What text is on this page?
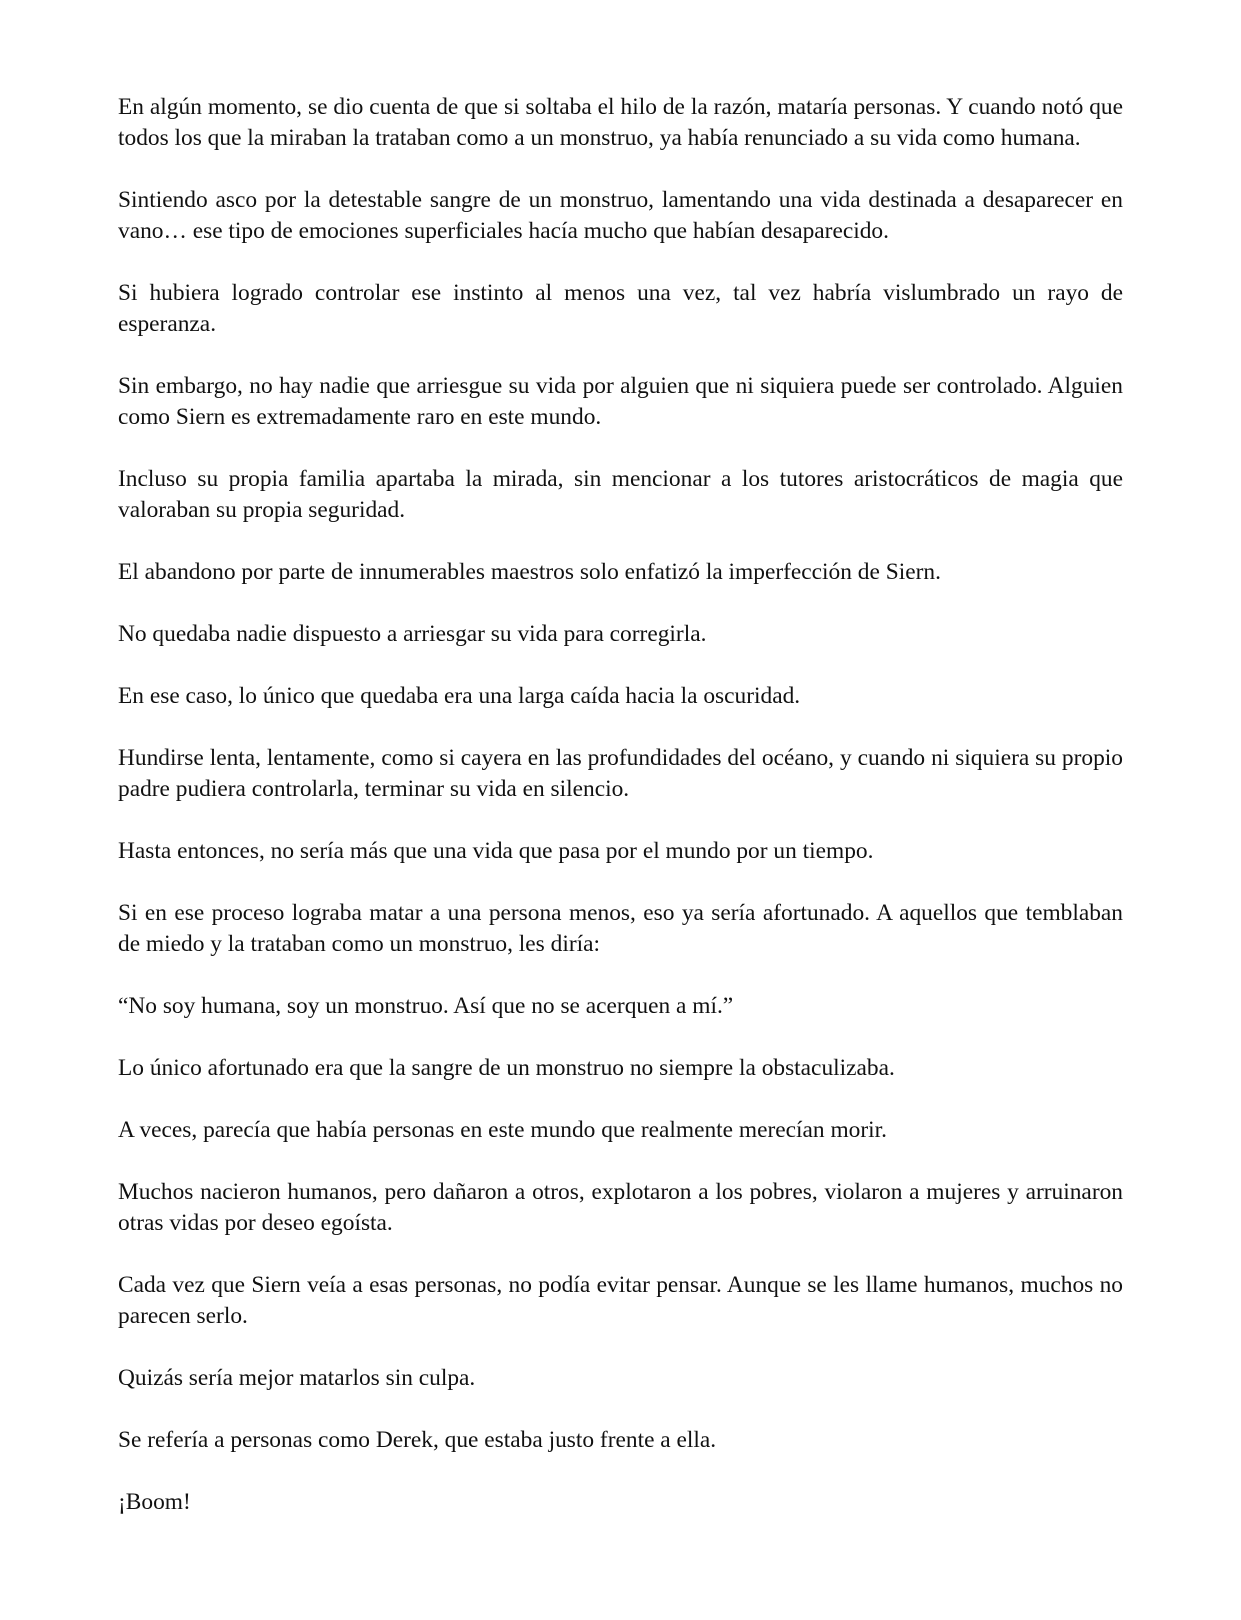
En algún momento, se dio cuenta de que si soltaba el hilo de la razón, mataría personas. Y cuando notó que todos los que la miraban la trataban como a un monstruo, ya había renunciado a su vida como humana.

Sintiendo asco por la detestable sangre de un monstruo, lamentando una vida destinada a desaparecer en vano… ese tipo de emociones superficiales hacía mucho que habían desaparecido.

Si hubiera logrado controlar ese instinto al menos una vez, tal vez habría vislumbrado un rayo de esperanza.

Sin embargo, no hay nadie que arriesgue su vida por alguien que ni siquiera puede ser controlado. Alguien como Siern es extremadamente raro en este mundo.

Incluso su propia familia apartaba la mirada, sin mencionar a los tutores aristocráticos de magia que valoraban su propia seguridad.

El abandono por parte de innumerables maestros solo enfatizó la imperfección de Siern.

No quedaba nadie dispuesto a arriesgar su vida para corregirla.

En ese caso, lo único que quedaba era una larga caída hacia la oscuridad.

Hundirse lenta, lentamente, como si cayera en las profundidades del océano, y cuando ni siquiera su propio padre pudiera controlarla, terminar su vida en silencio.

Hasta entonces, no sería más que una vida que pasa por el mundo por un tiempo.

Si en ese proceso lograba matar a una persona menos, eso ya sería afortunado. A aquellos que temblaban de miedo y la trataban como un monstruo, les diría:

“No soy humana, soy un monstruo. Así que no se acerquen a mí.”

Lo único afortunado era que la sangre de un monstruo no siempre la obstaculizaba.

A veces, parecía que había personas en este mundo que realmente merecían morir.

Muchos nacieron humanos, pero dañaron a otros, explotaron a los pobres, violaron a mujeres y arruinaron otras vidas por deseo egoísta.

Cada vez que Siern veía a esas personas, no podía evitar pensar. Aunque se les llame humanos, muchos no parecen serlo.

Quizás sería mejor matarlos sin culpa.

Se refería a personas como Derek, que estaba justo frente a ella.

¡Boom!
